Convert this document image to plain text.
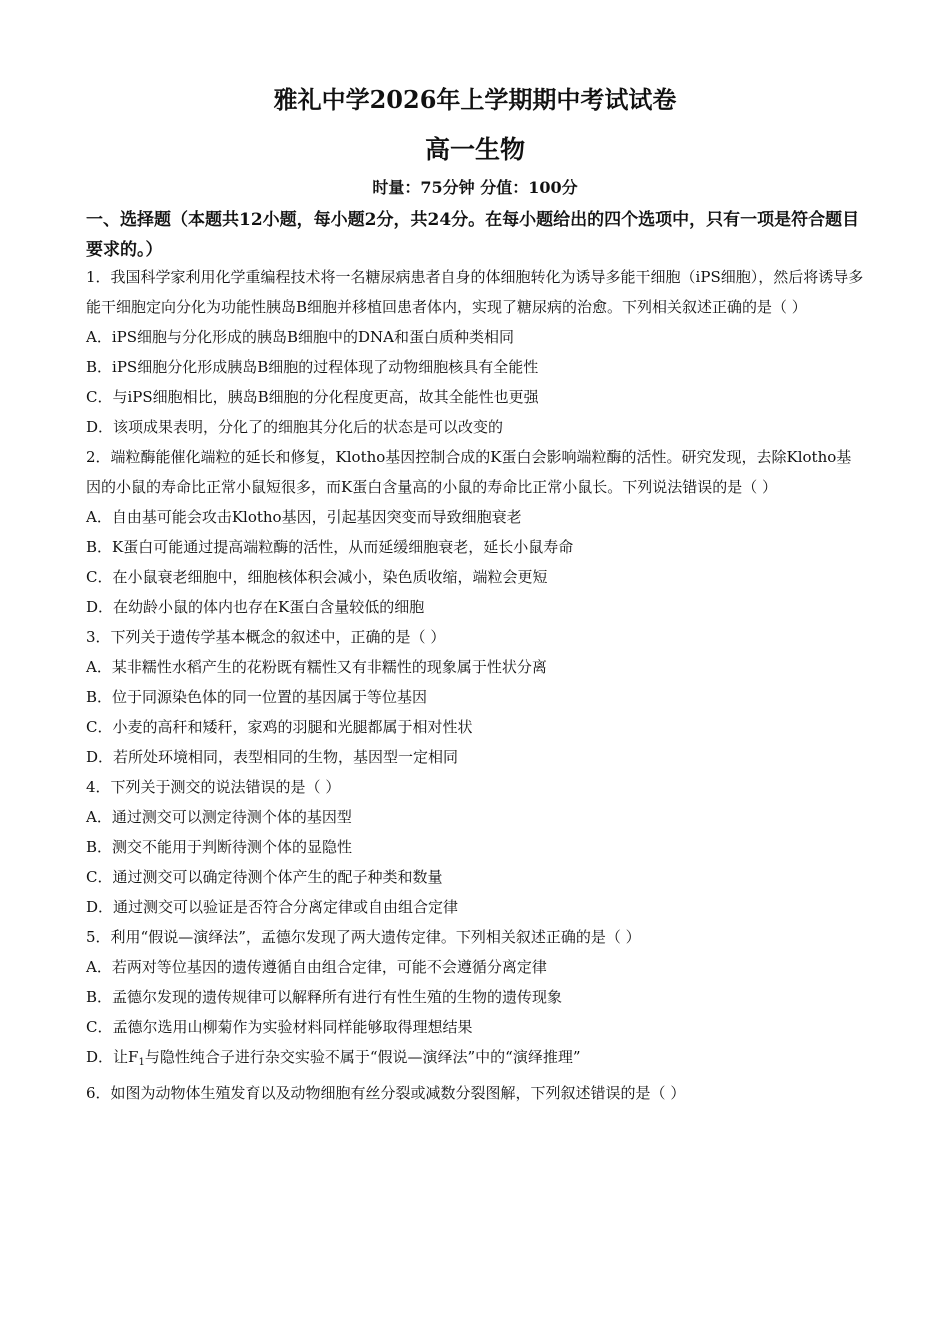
雅礼中学2026年上学期期中考试试卷
高一生物
时量：75分钟 分值：100分
一、选择题（本题共12小题，每小题2分，共24分。在每小题给出的四个选项中，只有一项是符合题目要求的。）

1．我国科学家利用化学重编程技术将一名糖尿病患者自身的体细胞转化为诱导多能干细胞（iPS细胞），然后将诱导多能干细胞定向分化为功能性胰岛B细胞并移植回患者体内，实现了糖尿病的治愈。下列相关叙述正确的是（ ）

A．iPS细胞与分化形成的胰岛B细胞中的DNA和蛋白质种类相同

B．iPS细胞分化形成胰岛B细胞的过程体现了动物细胞核具有全能性

C．与iPS细胞相比，胰岛B细胞的分化程度更高，故其全能性也更强

D．该项成果表明，分化了的细胞其分化后的状态是可以改变的

2．端粒酶能催化端粒的延长和修复，Klotho基因控制合成的K蛋白会影响端粒酶的活性。研究发现，去除Klotho基因的小鼠的寿命比正常小鼠短很多，而K蛋白含量高的小鼠的寿命比正常小鼠长。下列说法错误的是（ ）

A．自由基可能会攻击Klotho基因，引起基因突变而导致细胞衰老

B．K蛋白可能通过提高端粒酶的活性，从而延缓细胞衰老，延长小鼠寿命

C．在小鼠衰老细胞中，细胞核体积会减小，染色质收缩，端粒会更短

D．在幼龄小鼠的体内也存在K蛋白含量较低的细胞

3．下列关于遗传学基本概念的叙述中，正确的是（ ）

A．某非糯性水稻产生的花粉既有糯性又有非糯性的现象属于性状分离

B．位于同源染色体的同一位置的基因属于等位基因

C．小麦的高秆和矮秆，家鸡的羽腿和光腿都属于相对性状

D．若所处环境相同，表型相同的生物，基因型一定相同

4．下列关于测交的说法错误的是（ ）

A．通过测交可以测定待测个体的基因型

B．测交不能用于判断待测个体的显隐性

C．通过测交可以确定待测个体产生的配子种类和数量

D．通过测交可以验证是否符合分离定律或自由组合定律

5．利用“假说—演绎法”，孟德尔发现了两大遗传定律。下列相关叙述正确的是（ ）

A．若两对等位基因的遗传遵循自由组合定律，可能不会遵循分离定律

B．孟德尔发现的遗传规律可以解释所有进行有性生殖的生物的遗传现象

C．孟德尔选用山柳菊作为实验材料同样能够取得理想结果

D．让$F_1$与隐性纯合子进行杂交实验不属于“假说—演绎法”中的“演绎推理”

6．如图为动物体生殖发育以及动物细胞有丝分裂或减数分裂图解，下列叙述错误的是（ ）
